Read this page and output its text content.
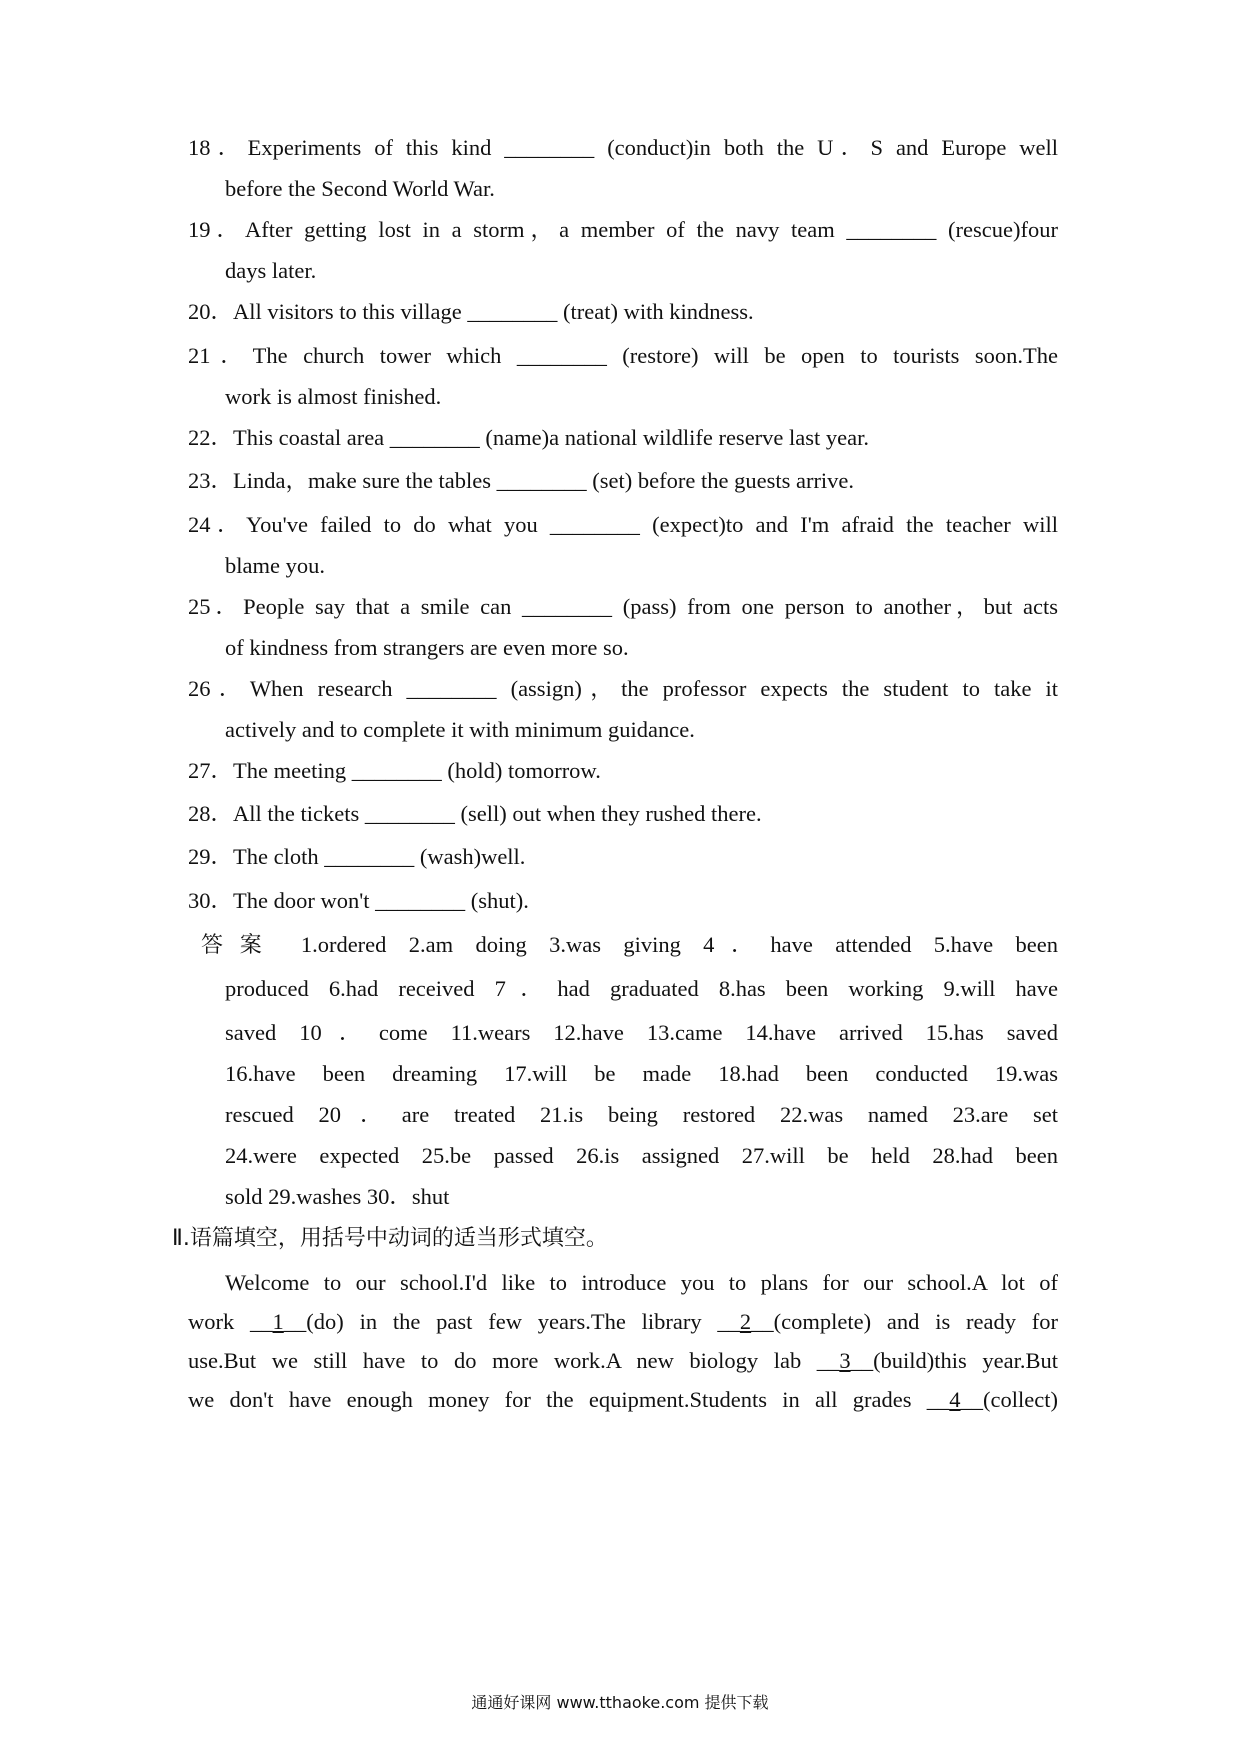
18．Experiments of this kind ________ (conduct)in both the U．S and Europe well
before the Second World War.
19．After getting lost in a storm，a member of the navy team ________ (rescue)four
days later.
20．All visitors to this village ________ (treat) with kindness.
21．The church tower which ________ (restore) will be open to tourists soon.The
work is almost finished.
22．This coastal area ________ (name)a national wildlife reserve last year.
23．Linda，make sure the tables ________ (set) before the guests arrive.
24．You've failed to do what you ________ (expect)to and I'm afraid the teacher will
blame you.
25．People say that a smile can ________ (pass) from one person to another，but acts
of kindness from strangers are even more so.
26．When research ________ (assign)，the professor expects the student to take it
actively and to complete it with minimum guidance.
27．The meeting ________ (hold) tomorrow.
28．All the tickets ________ (sell) out when they rushed there.
29．The cloth ________ (wash)well.
30．The door won't ________ (shut).
答案 1.ordered 2.am doing 3.was giving 4．have attended 5.have been
produced 6.had received 7．had graduated 8.has been working 9.will have
saved 10．come 11.wears 12.have 13.came 14.have arrived 15.has saved
16.have been dreaming 17.will be made 18.had been conducted 19.was
rescued 20．are treated 21.is being restored 22.was named 23.are set
24.were expected 25.be passed 26.is assigned 27.will be held 28.had been
sold 29.washes 30．shut
Ⅱ.语篇填空，用括号中动词的适当形式填空。
Welcome to our school.I'd like to introduce you to plans for our school.A lot of
work __1__(do) in the past few years.The library __2__(complete) and is ready for
use.But we still have to do more work.A new biology lab __3__(build)this year.But
we don't have enough money for the equipment.Students in all grades __4__(collect)
通通好课网 www.tthaoke.com 提供下载
